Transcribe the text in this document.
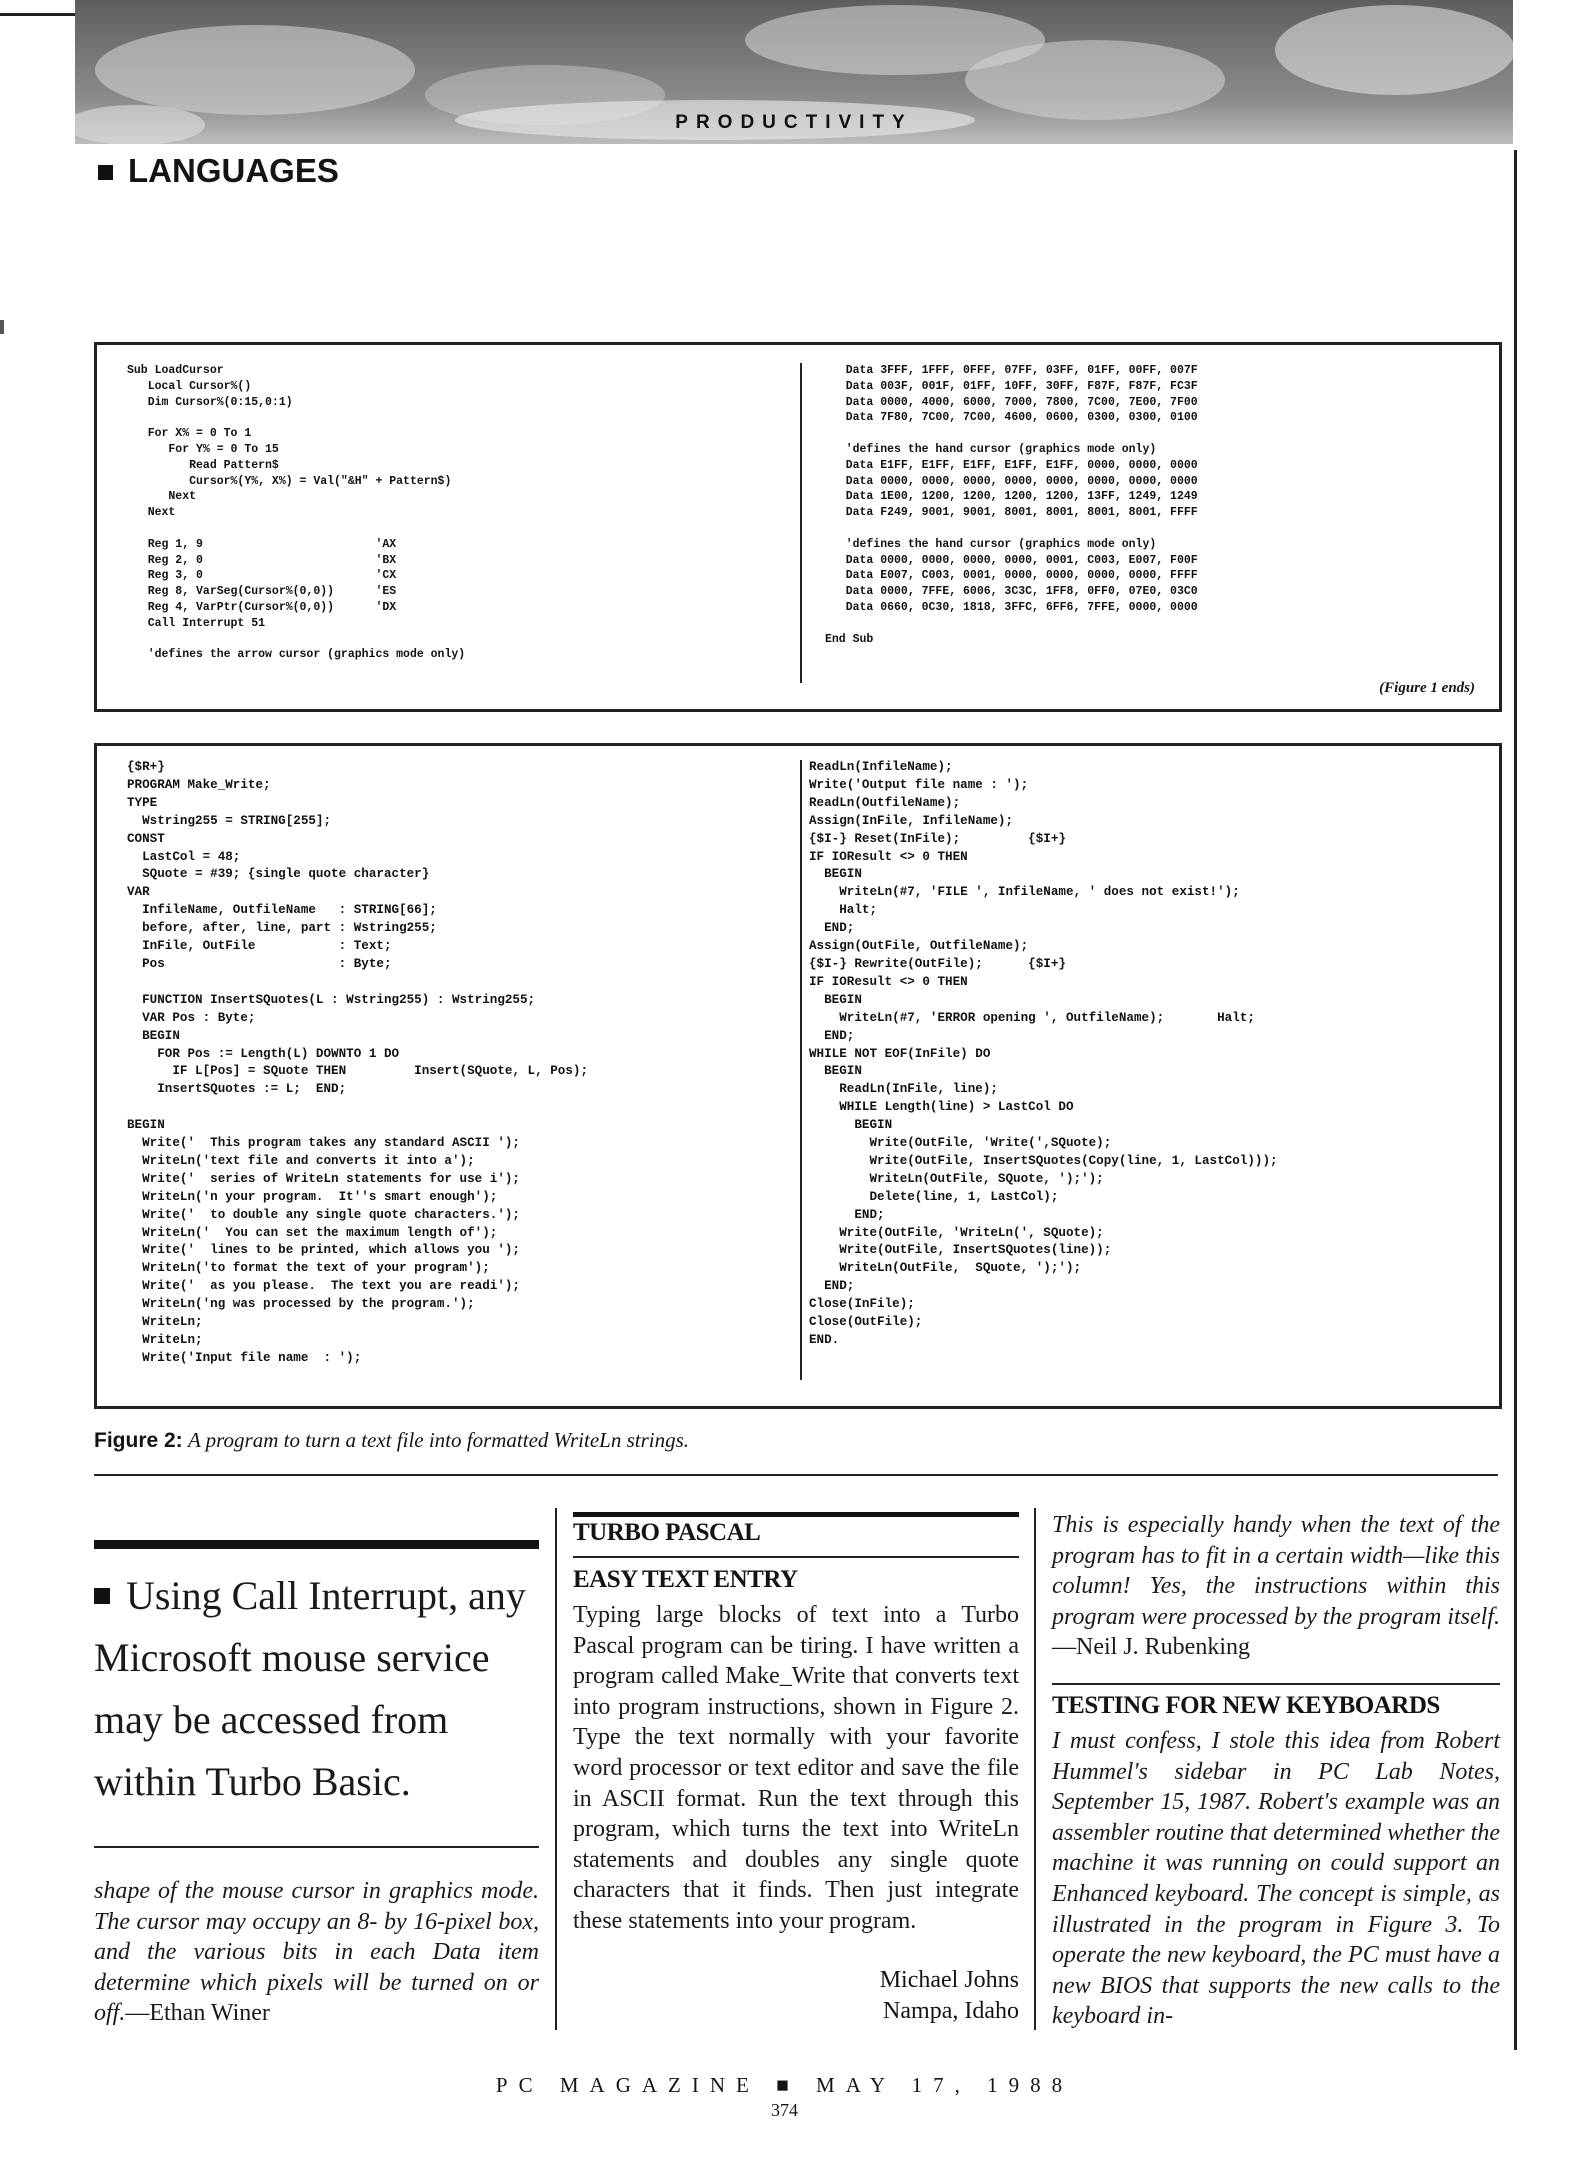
PRODUCTIVITY
LANGUAGES
Sub LoadCursor
Local Cursor%()
Dim Cursor%(0:15,0:1)

For X% = 0 To 1
For Y% = 0 To 15
Read Pattern$
Cursor%(Y%, X%) = Val("&H" + Pattern$)
Next
Next

Reg 1, 9                         'AX
Reg 2, 0                         'BX
Reg 3, 0                         'CX
Reg 8, VarSeg(Cursor%(0,0))      'ES
Reg 4, VarPtr(Cursor%(0,0))      'DX
Call Interrupt 51

'defines the arrow cursor (graphics mode only)
Data 3FFF, 1FFF, 0FFF, 07FF, 03FF, 01FF, 00FF, 007F
Data 003F, 001F, 01FF, 10FF, 30FF, F87F, F87F, FC3F
Data 0000, 4000, 6000, 7000, 7800, 7C00, 7E00, 7F00
Data 7F80, 7C00, 7C00, 4600, 0600, 0300, 0300, 0100

'defines the hand cursor (graphics mode only)
Data E1FF, E1FF, E1FF, E1FF, E1FF, 0000, 0000, 0000
Data 0000, 0000, 0000, 0000, 0000, 0000, 0000, 0000
Data 1E00, 1200, 1200, 1200, 1200, 13FF, 1249, 1249
Data F249, 9001, 9001, 8001, 8001, 8001, 8001, FFFF

'defines the hand cursor (graphics mode only)
Data 0000, 0000, 0000, 0000, 0001, C003, E007, F00F
Data E007, C003, 0001, 0000, 0000, 0000, 0000, FFFF
Data 0000, 7FFE, 6006, 3C3C, 1FF8, 0FF0, 07E0, 03C0
Data 0660, 0C30, 1818, 3FFC, 6FF6, 7FFE, 0000, 0000

End Sub
(Figure 1 ends)
{$R+}
PROGRAM Make_Write;
TYPE
Wstring255 = STRING[255];
CONST
LastCol = 48;
SQuote = #39; {single quote character}
VAR
InfileName, OutfileName   : STRING[66];
before, after, line, part : Wstring255;
InFile, OutFile           : Text;
Pos                       : Byte;

FUNCTION InsertSQuotes(L : Wstring255) : Wstring255;
VAR Pos : Byte;
BEGIN
FOR Pos := Length(L) DOWNTO 1 DO
IF L[Pos] = SQuote THEN         Insert(SQuote, L, Pos);
InsertSQuotes := L;  END;

BEGIN
Write('  This program takes any standard ASCII ');
WriteLn('text file and converts it into a');
Write('  series of WriteLn statements for use i');
WriteLn('n your program.  It''s smart enough');
Write('  to double any single quote characters.');
WriteLn('  You can set the maximum length of');
Write('  lines to be printed, which allows you ');
WriteLn('to format the text of your program');
Write('  as you please.  The text you are readi');
WriteLn('ng was processed by the program.');
WriteLn;
WriteLn;
Write('Input file name  : ');
ReadLn(InfileName);
Write('Output file name : ');
ReadLn(OutfileName);
Assign(InFile, InfileName);
{$I-} Reset(InFile);         {$I+}
IF IOResult <> 0 THEN
BEGIN
WriteLn(#7, 'FILE ', InfileName, ' does not exist!');
Halt;
END;
Assign(OutFile, OutfileName);
{$I-} Rewrite(OutFile);      {$I+}
IF IOResult <> 0 THEN
BEGIN
WriteLn(#7, 'ERROR opening ', OutfileName);       Halt;
END;
WHILE NOT EOF(InFile) DO
BEGIN
ReadLn(InFile, line);
WHILE Length(line) > LastCol DO
BEGIN
Write(OutFile, 'Write(',SQuote);
Write(OutFile, InsertSQuotes(Copy(line, 1, LastCol)));
WriteLn(OutFile, SQuote, ');');
Delete(line, 1, LastCol);
END;
Write(OutFile, 'WriteLn(', SQuote);
Write(OutFile, InsertSQuotes(line));
WriteLn(OutFile,  SQuote, ');');
END;
Close(InFile);
Close(OutFile);
END.
Figure 2: A program to turn a text file into formatted WriteLn strings.
Using Call Interrupt, any Microsoft mouse service may be accessed from within Turbo Basic.
shape of the mouse cursor in graphics mode. The cursor may occupy an 8- by 16-pixel box, and the various bits in each Data item determine which pixels will be turned on or off.—Ethan Winer
TURBO PASCAL
EASY TEXT ENTRY
Typing large blocks of text into a Turbo Pascal program can be tiring. I have written a program called Make_Write that converts text into program instructions, shown in Figure 2. Type the text normally with your favorite word processor or text editor and save the file in ASCII format. Run the text through this program, which turns the text into WriteLn statements and doubles any single quote characters that it finds. Then just integrate these statements into your program.
Michael Johns
Nampa, Idaho
This is especially handy when the text of the program has to fit in a certain width—like this column! Yes, the instructions within this program were processed by the program itself.—Neil J. Rubenking
TESTING FOR NEW KEYBOARDS
I must confess, I stole this idea from Robert Hummel's sidebar in PC Lab Notes, September 15, 1987. Robert's example was an assembler routine that determined whether the machine it was running on could support an Enhanced keyboard. The concept is simple, as illustrated in the program in Figure 3. To operate the new keyboard, the PC must have a new BIOS that supports the new calls to the keyboard in-
PC MAGAZINE ■ MAY 17, 1988
374
